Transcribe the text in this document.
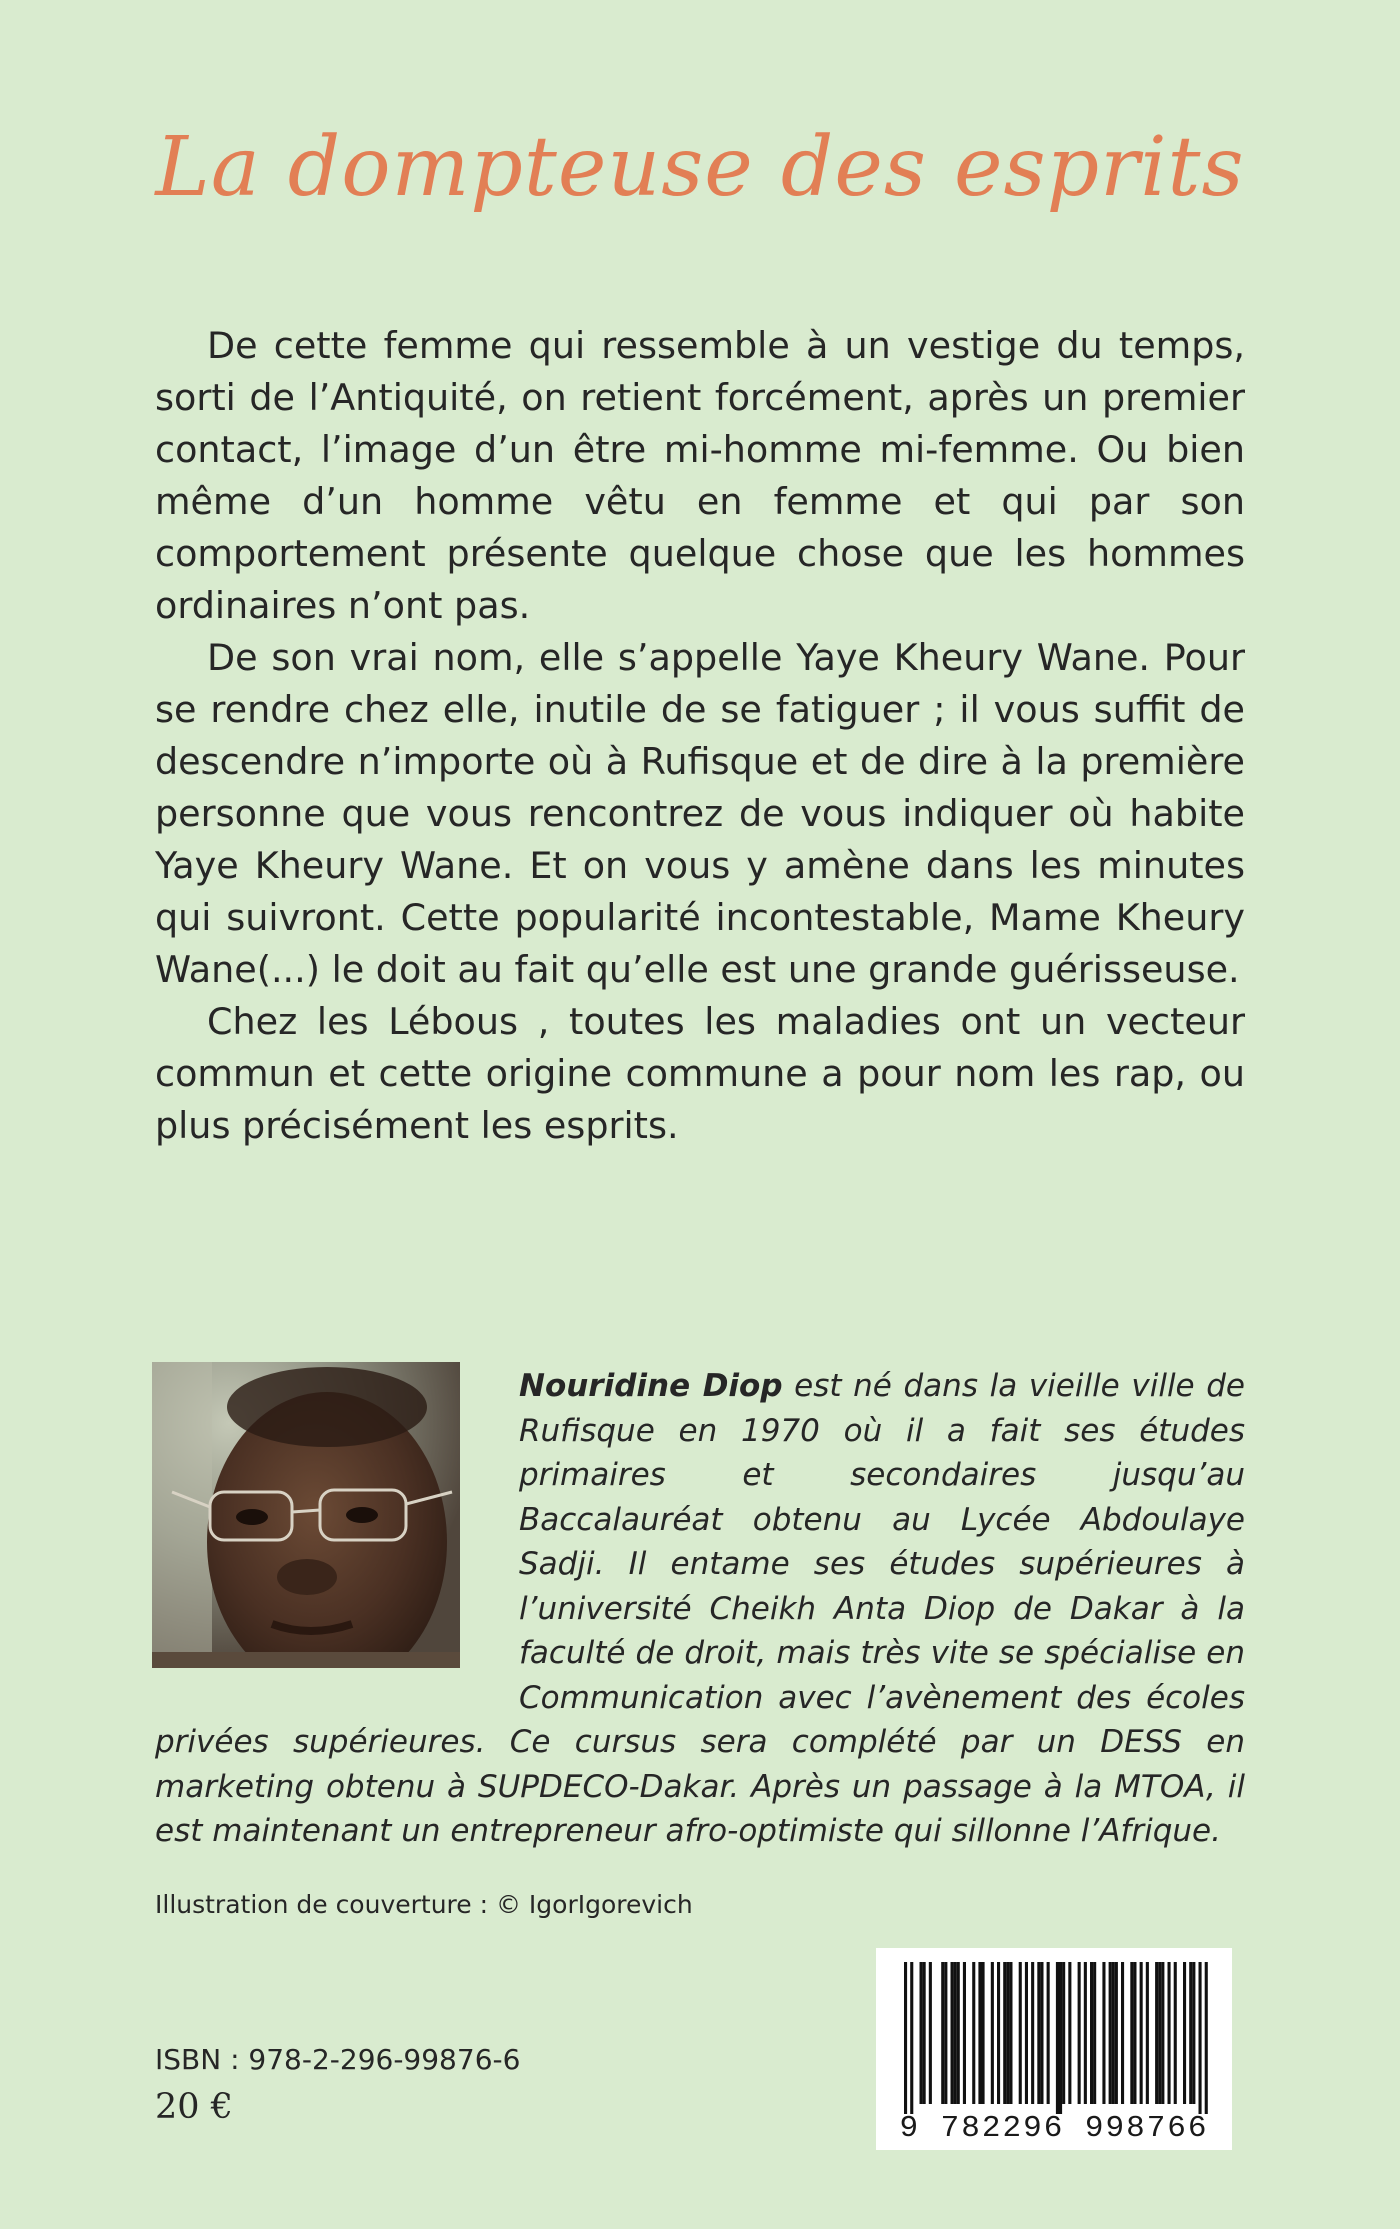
La dompteuse des esprits

De cette femme qui ressemble à un vestige du temps, sorti de l’Antiquité, on retient forcément, après un premier contact, l’image d’un être mi-homme mi-femme. Ou bien même d’un homme vêtu en femme et qui par son comportement présente quelque chose que les hommes ordinaires n’ont pas.

De son vrai nom, elle s’appelle Yaye Kheury Wane. Pour se rendre chez elle, inutile de se fatiguer ; il vous suffit de descendre n’importe où à Rufisque et de dire à la première personne que vous rencontrez de vous indiquer où habite Yaye Kheury Wane. Et on vous y amène dans les minutes qui suivront. Cette popularité incontestable, Mame Kheury Wane(...) le doit au fait qu’elle est une grande guérisseuse.

Chez les Lébous , toutes les maladies ont un vecteur commun et cette origine commune a pour nom les rap, ou plus précisément les esprits.

Nouridine Diop est né dans la vieille ville de Rufisque en 1970 où il a fait ses études primaires et secondaires jusqu’au Baccalauréat obtenu au Lycée Abdoulaye Sadji. Il entame ses études supérieures à l’université Cheikh Anta Diop de Dakar à la faculté de droit, mais très vite se spécialise en Communication avec l’avènement des écoles privées supérieures. Ce cursus sera complété par un DESS en marketing obtenu à SUPDECO-Dakar. Après un passage à la MTOA, il est maintenant un entrepreneur afro-optimiste qui sillonne l’Afrique.

Illustration de couverture : © IgorIgorevich
ISBN : 978-2-296-99876-6
20 €
9 782296 998766
